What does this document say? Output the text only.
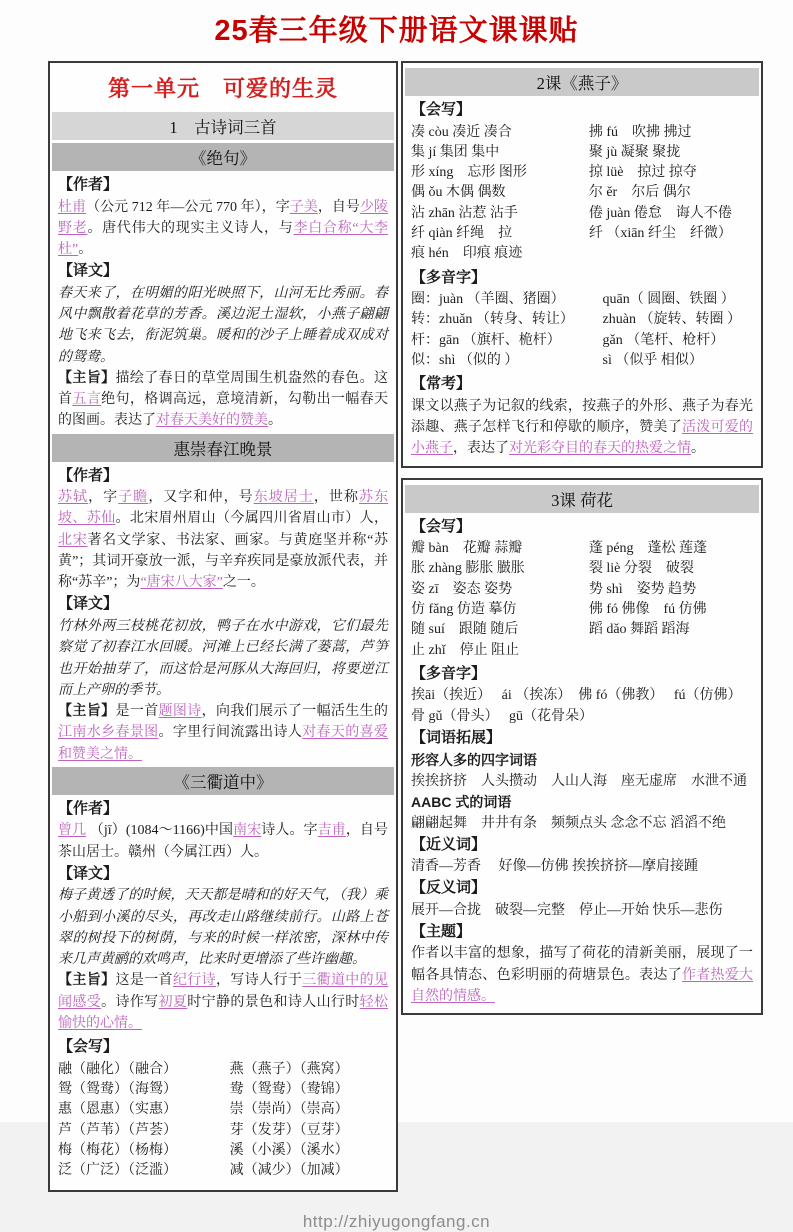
25春三年级下册语文课课贴
第一单元　可爱的生灵
1　古诗词三首
《绝句》
【作者】
杜甫（公元 712 年—公元 770 年），字子美，自号少陵野老。唐代伟大的现实主义诗人，与李白合称“大李杜”。
【译文】
春天来了，在明媚的阳光映照下，山河无比秀丽。春风中飘散着花草的芳香。溪边泥土湿软，小燕子翩翩地飞来飞去，衔泥筑巢。暖和的沙子上睡着成双成对的鸳鸯。
【主旨】描绘了春日的草堂周围生机盎然的春色。这首五言绝句，格调高远，意境清新，勾勒出一幅春天的图画。表达了对春天美好的赞美。
惠崇春江晚景
【作者】
苏轼，字子瞻，又字和仲，号东坡居士，世称苏东坡、苏仙。北宋眉州眉山（今属四川省眉山市）人，北宋著名文学家、书法家、画家。与黄庭坚并称“苏黄”；其词开豪放一派，与辛弃疾同是豪放派代表，并称“苏辛”；为“唐宋八大家”之一。
【译文】
竹林外两三枝桃花初放，鸭子在水中游戏，它们最先察觉了初春江水回暖。河滩上已经长满了蒌蒿，芦笋也开始抽芽了，而这恰是河豚从大海回归，将要逆江而上产卵的季节。
【主旨】是一首题图诗，向我们展示了一幅活生生的江南水乡春景图。字里行间流露出诗人对春天的喜爱和赞美之情。
《三衢道中》
【作者】
曾几 （jī）(1084～1166)中国南宋诗人。字吉甫，自号茶山居士。赣州（今属江西）人。
【译文】
梅子黄透了的时候，天天都是晴和的好天气，（我）乘小船到小溪的尽头，再改走山路继续前行。山路上苍翠的树投下的树荫，与来的时候一样浓密，深林中传来几声黄鹂的欢鸣声，比来时更增添了些许幽趣。
【主旨】这是一首纪行诗，写诗人行于三衢道中的见闻感受。诗作写初夏时宁静的景色和诗人山行时轻松愉快的心情。
【会写】
融（融化）（融合）	燕（燕子）（燕窝）
鸳（鸳鸯）（海鸳）	鸯（鸳鸯）（鸯锦）
惠（恩惠）（实惠）	崇（崇尚）（崇高）
芦（芦苇）（芦荟）	芽（发芽）（豆芽）
梅（梅花）（杨梅）	溪（小溪）（溪水）
泛（广泛）（泛滥）	减（减少）（加减）
2课《燕子》
【会写】
凑 còu 凑近 凑合	拂 fú　吹拂 拂过
集 jí 集团 集中	聚 jù 凝聚 聚拢
形 xíng　忘形 图形	掠 lüè　掠过 掠夺
偶 ǒu 木偶 偶数	尔 ěr　尔后 偶尔
沾 zhān 沾惹 沾手	倦 juàn 倦怠　诲人不倦
纤 qiàn 纤绳　拉	纤 （xiān 纤尘　纤微）
痕 hén　印痕 痕迹
【多音字】
圈：juàn （羊圈、猪圈）	quān（ 圆圈、铁圈 ）
转：zhuǎn （转身、转让）	zhuàn （旋转、转圈 ）
杆：gān （旗杆、桅杆）	gǎn （笔杆、枪杆）
似：shì （似的 ）	sì （似乎 相似）
【常考】
课文以燕子为记叙的线索，按燕子的外形、燕子为春光添趣、燕子怎样飞行和停歇的顺序，赞美了活泼可爱的小燕子，表达了对光彩夺目的春天的热爱之情。
3课 荷花
【会写】
瓣 bàn　花瓣 蒜瓣	蓬 péng　蓬松 莲蓬
胀 zhàng 膨胀 臌胀	裂 liè 分裂　破裂
姿 zī　姿态 姿势	势 shì　姿势 趋势
仿 fǎng 仿造 摹仿	佛 fó 佛像　fú 仿佛
随 suí　跟随 随后	蹈 dǎo 舞蹈 蹈海
止 zhǐ　停止 阻止
【多音字】
挨āi（挨近）　 ái （挨冻）　佛 fó（佛教）　 fú（仿佛）
骨 gǔ（骨头）　 gū（花骨朵）
【词语拓展】
形容人多的四字词语
挨挨挤挤　人头攒动　人山人海　座无虚席　水泄不通
AABC 式的词语
翩翩起舞　井井有条　频频点头 念念不忘 滔滔不绝
【近义词】
清香—芳香　 好像—仿佛 挨挨挤挤—摩肩接踵
【反义词】
展开—合拢　破裂—完整　停止—开始 快乐—悲伤
【主题】
作者以丰富的想象，描写了荷花的清新美丽，展现了一幅各具情态、色彩明丽的荷塘景色。表达了作者热爱大自然的情感。
http://zhiyugongfang.cn
